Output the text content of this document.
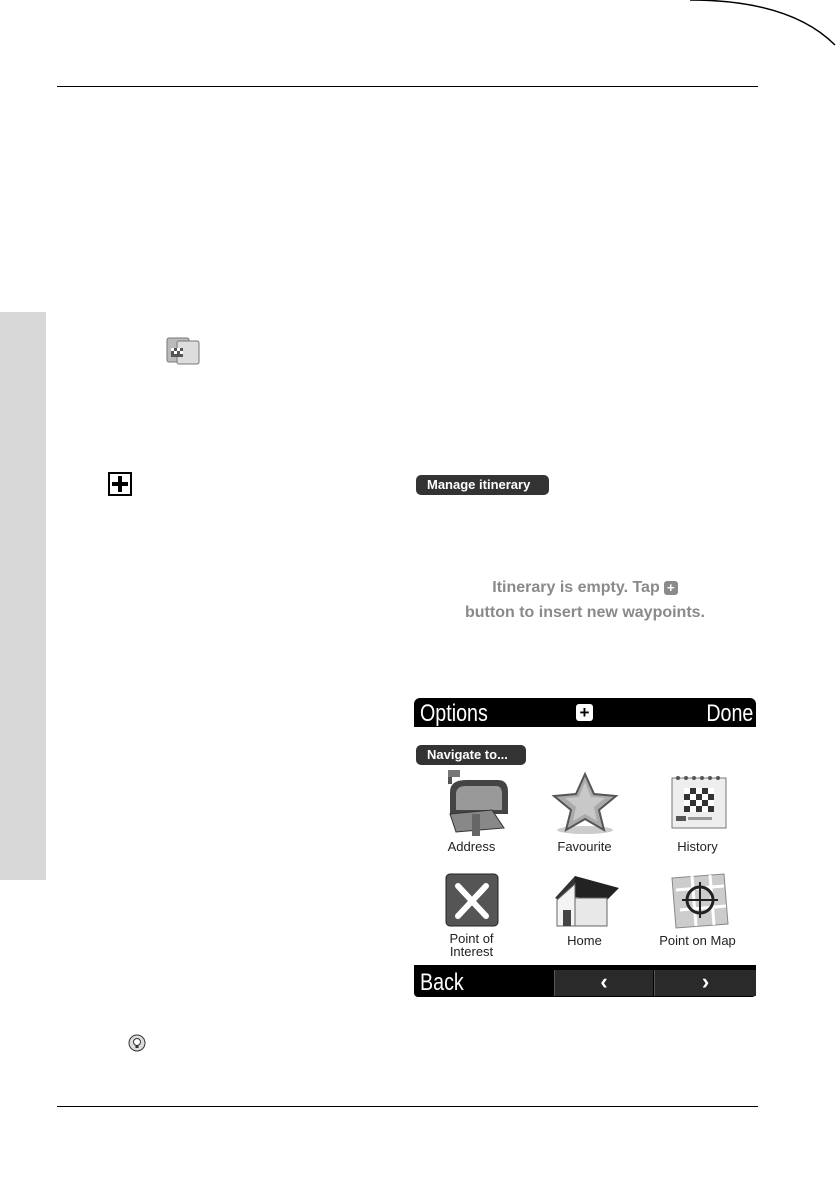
Manage itinerary
Itinerary is empty. Tap +
button to insert new waypoints.
Options	+	Done
Navigate to...
Address	Favourite	History
Point of
Interest
Home	Point on Map
Back	‹	›
